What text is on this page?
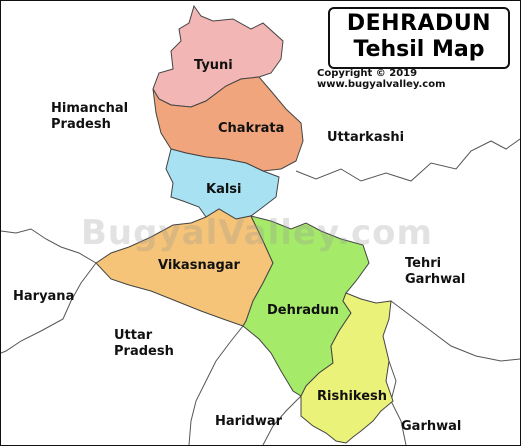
BugyalValley.com
DEHRADUN
Tehsil Map
Copyright © 2019 www.bugyalvalley.com
Tyuni
Chakrata
Kalsi
Vikasnagar
Dehradun
Rishikesh
Himanchal
Pradesh
Uttarkashi
Tehri
Garhwal
Haryana
Uttar
Pradesh
Haridwar	Garhwal
